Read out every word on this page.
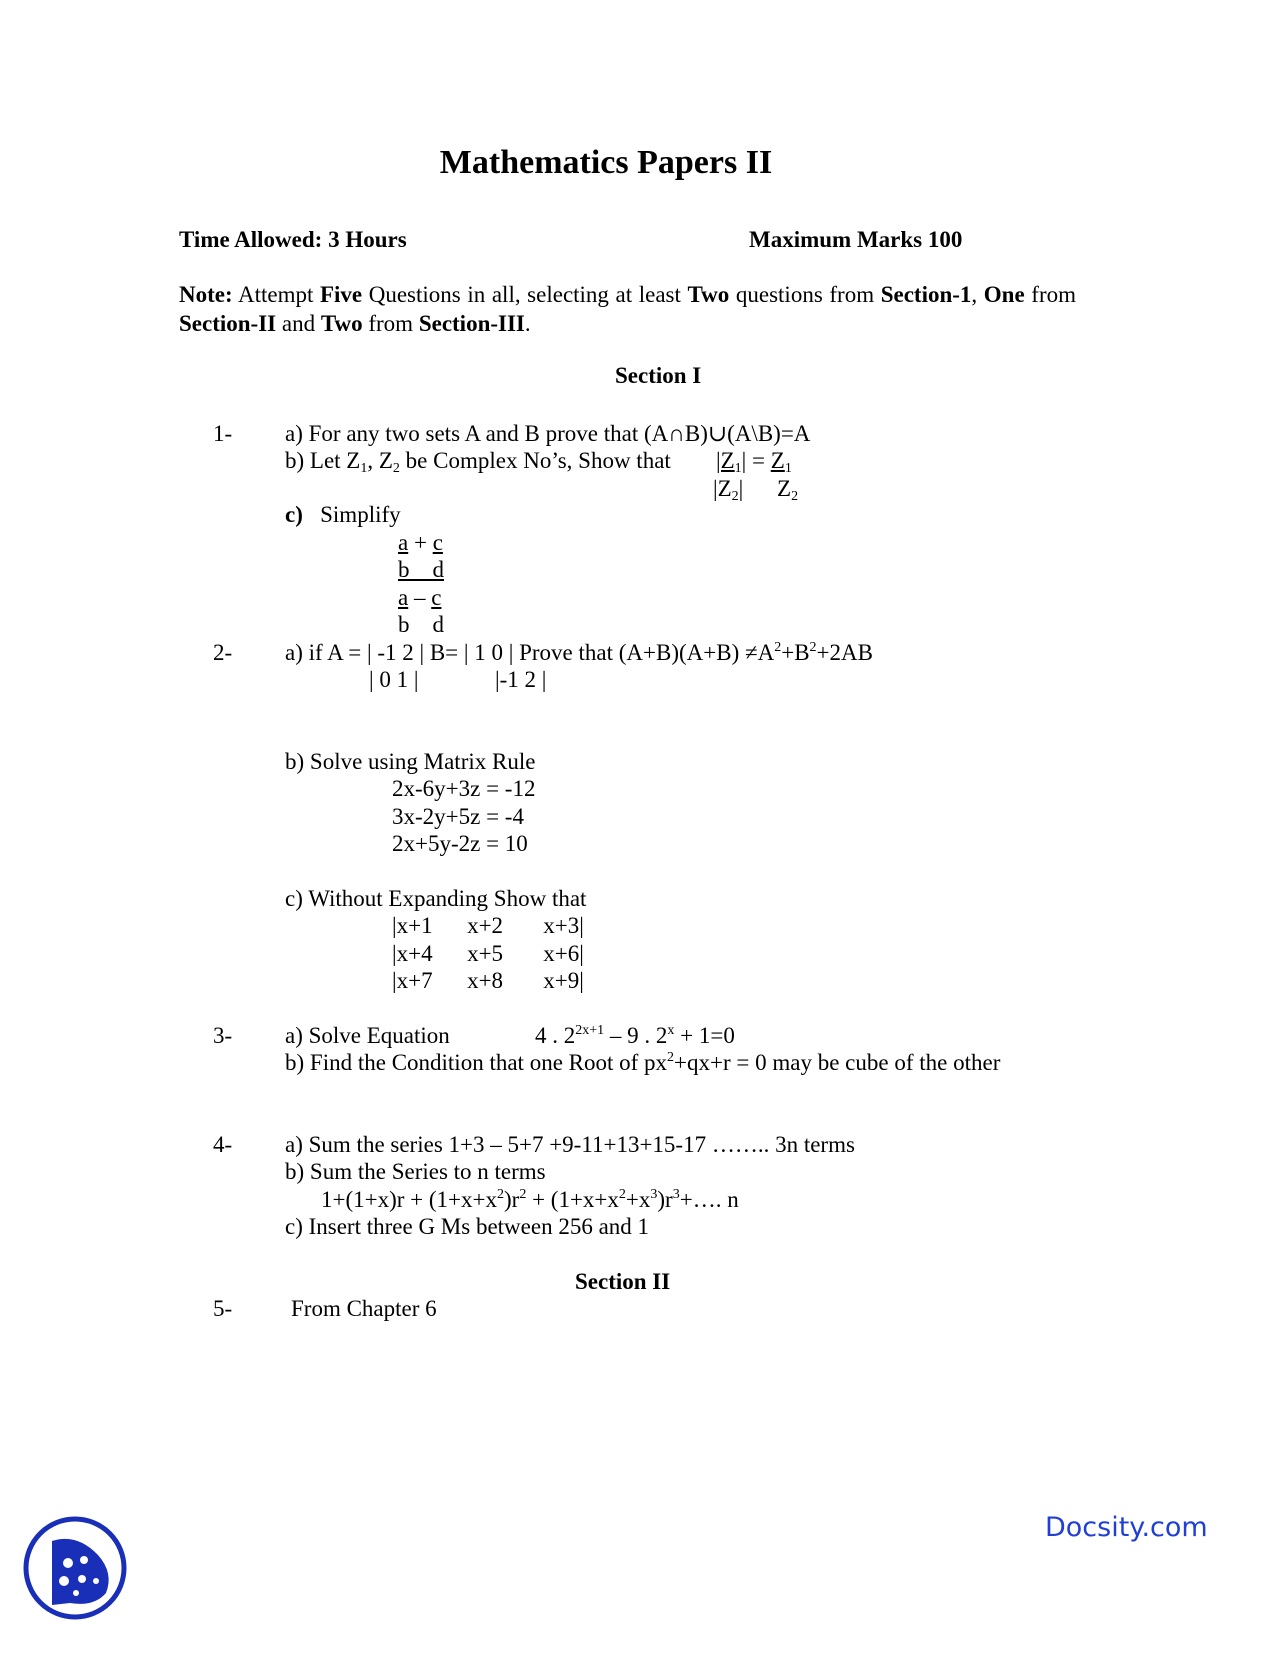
Mathematics Papers II
Time Allowed: 3 Hours	Maximum Marks 100
Note: Attempt Five Questions in all, selecting at least Two questions from Section-1, One from Section-II and Two from Section-III.
Section I
1- a) For any two sets A and B prove that (A∩B)∪(A\B)=A
b) Let $Z_1$, $Z_2$ be Complex No’s, Show that $|Z_1| = Z_1$
$|Z_2|$ $Z_2$
c) Simplify
a + c
b d
a – c
b d
2- a) if A = | -1 2 | B= | 1 0 | Prove that $(A+B)(A+B) \ne A^2+B^2+2AB$
| 0 1 |	|-1 2 |
b) Solve using Matrix Rule
2x-6y+3z = -12
3x-2y+5z = -4
2x+5y-2z = 10
c) Without Expanding Show that
|x+1      x+2       x+3|
|x+4      x+5       x+6|
|x+7      x+8       x+9|
3- a) Solve Equation	4 . $2^{2x+1} - 9$ . $2^x + 1=0$
b) Find the Condition that one Root of $px^2+qx+r = 0$ may be cube of the other
4- a) Sum the series 1+3 – 5+7 +9-11+13+15-17 …….. 3n terms
b) Sum the Series to n terms
$1+(1+x)r + (1+x+x^2)r^2$ + $(1+x+x^2+x^3)r^3+\dots$. n
c) Insert three G Ms between 256 and 1
Section II
5-	From Chapter 6
Docsity.com
